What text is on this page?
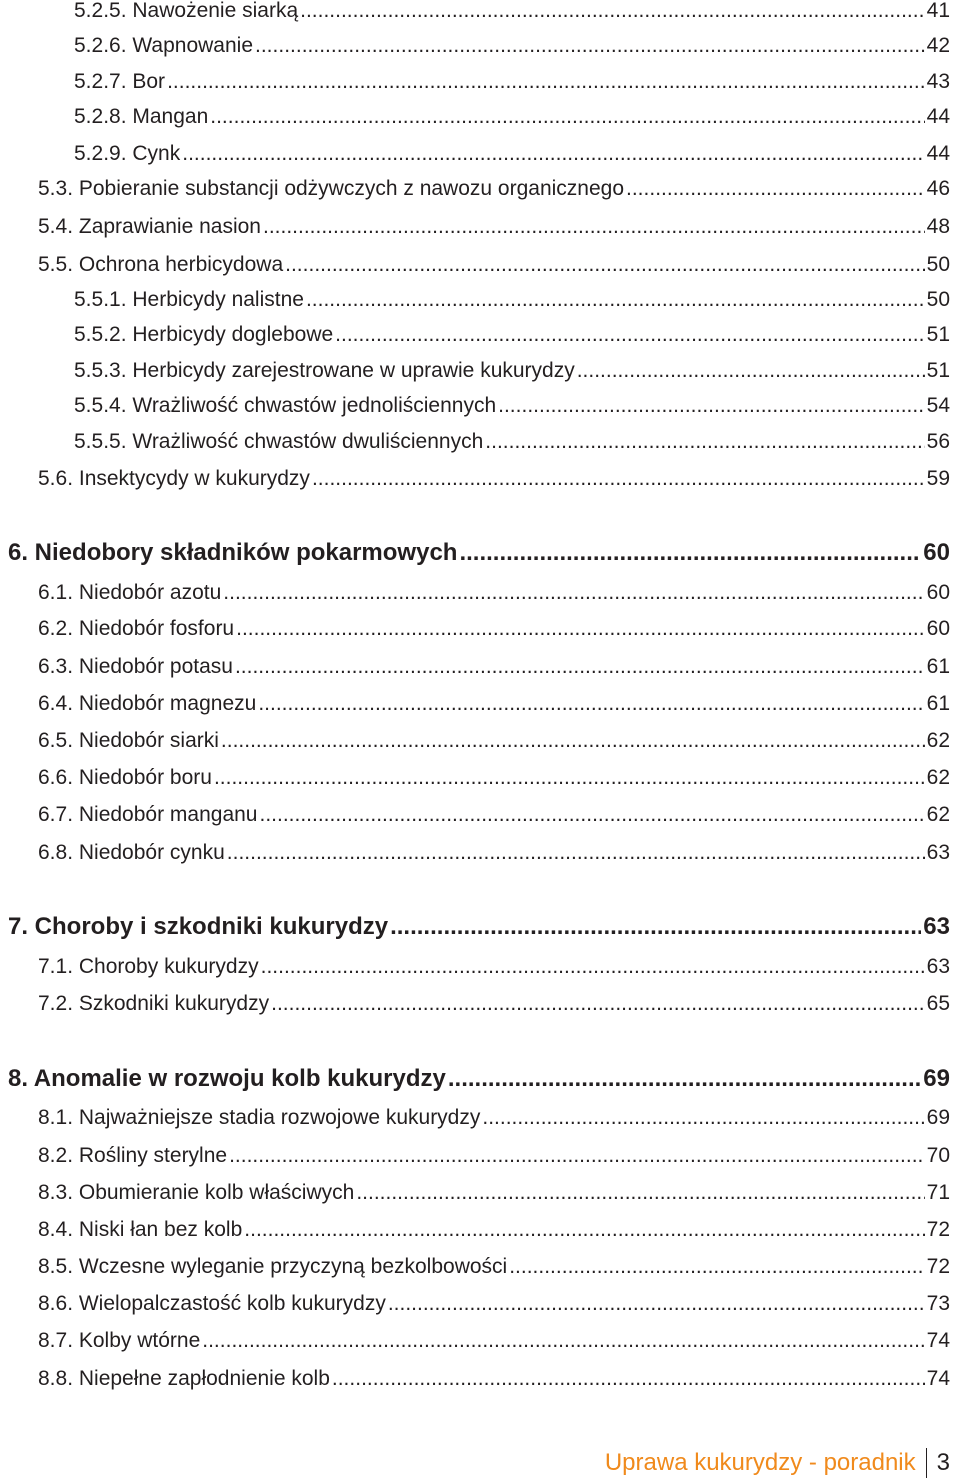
5.2.5. Nawożenie siarką .....	41
5.2.6. Wapnowanie .....	42
5.2.7. Bor .....	43
5.2.8. Mangan .....	44
5.2.9. Cynk .....	44
5.3. Pobieranie substancji odżywczych z nawozu organicznego .....	46
5.4. Zaprawianie nasion .....	48
5.5. Ochrona herbicydowa .....	50
5.5.1. Herbicydy nalistne .....	50
5.5.2. Herbicydy doglebowe .....	51
5.5.3. Herbicydy zarejestrowane w uprawie kukurydzy .....	51
5.5.4. Wrażliwość chwastów jednoliściennych .....	54
5.5.5. Wrażliwość chwastów dwuliściennych .....	56
5.6. Insektycydy w kukurydzy .....	59
6. Niedobory składników pokarmowych .....	60
6.1. Niedobór azotu .....	60
6.2. Niedobór fosforu .....	60
6.3. Niedobór potasu .....	61
6.4. Niedobór magnezu .....	61
6.5. Niedobór siarki .....	62
6.6. Niedobór boru .....	62
6.7. Niedobór manganu .....	62
6.8. Niedobór cynku .....	63
7. Choroby i szkodniki kukurydzy .....	63
7.1. Choroby kukurydzy .....	63
7.2. Szkodniki kukurydzy .....	65
8. Anomalie w rozwoju kolb kukurydzy .....	69
8.1. Najważniejsze stadia rozwojowe kukurydzy .....	69
8.2. Rośliny sterylne .....	70
8.3. Obumieranie kolb właściwych .....	71
8.4. Niski łan bez kolb .....	72
8.5. Wczesne wyleganie przyczyną bezkolbowości .....	72
8.6. Wielopalczastość kolb kukurydzy .....	73
8.7. Kolby wtórne .....	74
8.8. Niepełne zapłodnienie kolb .....	74
Uprawa kukurydzy - poradnik 3
